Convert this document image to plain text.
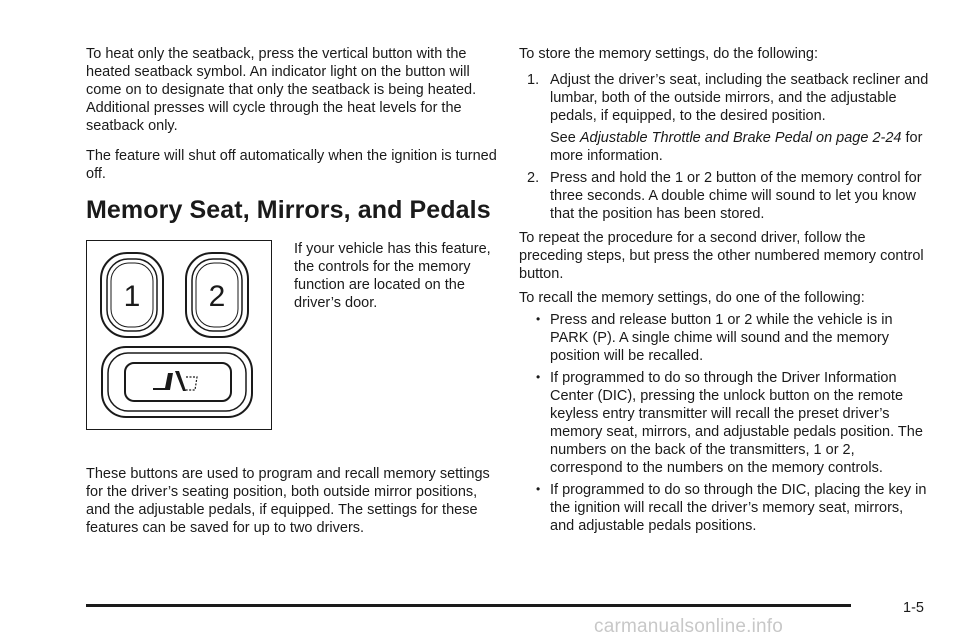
To heat only the seatback, press the vertical button with the heated seatback symbol. An indicator light on the button will come on to designate that only the seatback is being heated. Additional presses will cycle through the heat levels for the seatback only.

The feature will shut off automatically when the ignition is turned off.

Memory Seat, Mirrors, and Pedals
1 2
If your vehicle has this feature, the controls for the memory function are located on the driver’s door.

These buttons are used to program and recall memory settings for the driver’s seating position, both outside mirror positions, and the adjustable pedals, if equipped. The settings for these features can be saved for up to two drivers.

To store the memory settings, do the following:

1. Adjust the driver’s seat, including the seatback recliner and lumbar, both of the outside mirrors, and the adjustable pedals, if equipped, to the desired position.
See Adjustable Throttle and Brake Pedal on page 2-24 for more information.
2. Press and hold the 1 or 2 button of the memory control for three seconds. A double chime will sound to let you know that the position has been stored.

To repeat the procedure for a second driver, follow the preceding steps, but press the other numbered memory control button.

To recall the memory settings, do one of the following:

• Press and release button 1 or 2 while the vehicle is in PARK (P). A single chime will sound and the memory position will be recalled.
• If programmed to do so through the Driver Information Center (DIC), pressing the unlock button on the remote keyless entry transmitter will recall the preset driver’s memory seat, mirrors, and adjustable pedals position. The numbers on the back of the transmitters, 1 or 2, correspond to the numbers on the memory controls.
• If programmed to do so through the DIC, placing the key in the ignition will recall the driver’s memory seat, mirrors, and adjustable pedals positions.
1-5
carmanualsonline.info
